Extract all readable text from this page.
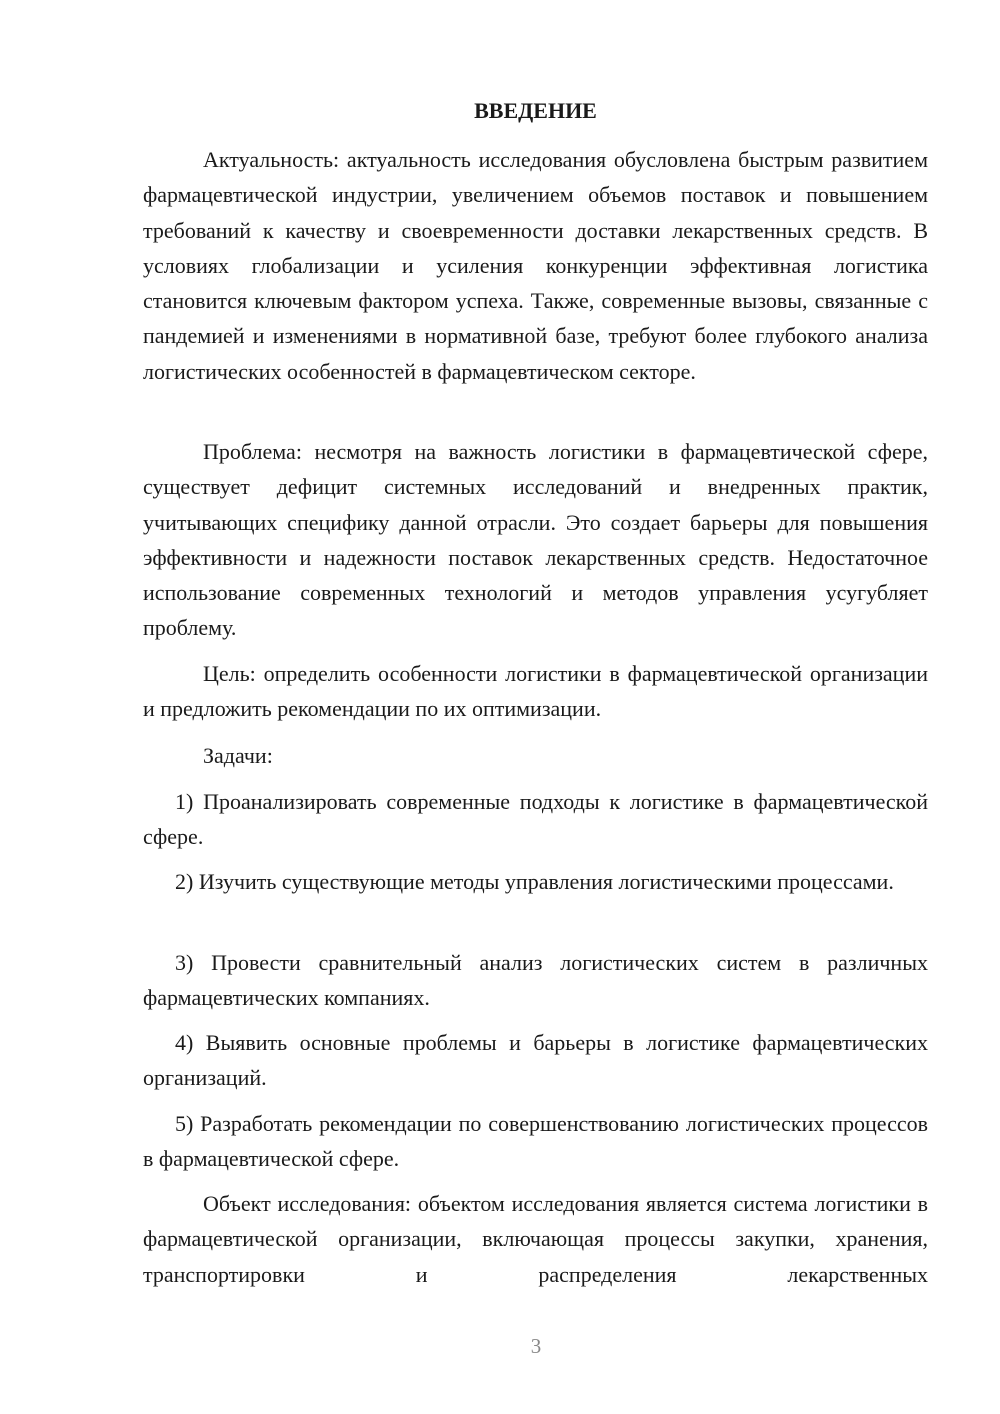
ВВЕДЕНИЕ

Актуальность: актуальность исследования обусловлена быстрым развитием фармацевтической индустрии, увеличением объемов поставок и повышением требований к качеству и своевременности доставки лекарственных средств. В условиях глобализации и усиления конкуренции эффективная логистика становится ключевым фактором успеха. Также, современные вызовы, связанные с пандемией и изменениями в нормативной базе, требуют более глубокого анализа логистических особенностей в фармацевтическом секторе.

Проблема: несмотря на важность логистики в фармацевтической сфере, существует дефицит системных исследований и внедренных практик, учитывающих специфику данной отрасли. Это создает барьеры для повышения эффективности и надежности поставок лекарственных средств. Недостаточное использование современных технологий и методов управления усугубляет проблему.

Цель: определить особенности логистики в фармацевтической организации и предложить рекомендации по их оптимизации.

Задачи:

1) Проанализировать современные подходы к логистике в фармацевтической сфере.

2) Изучить существующие методы управления логистическими процессами.

3) Провести сравнительный анализ логистических систем в различных фармацевтических компаниях.

4) Выявить основные проблемы и барьеры в логистике фармацевтических организаций.

5) Разработать рекомендации по совершенствованию логистических процессов в фармацевтической сфере.

Объект исследования: объектом исследования является система логистики в фармацевтической организации, включающая процессы закупки, хранения, транспортировки и распределения лекарственных

3
